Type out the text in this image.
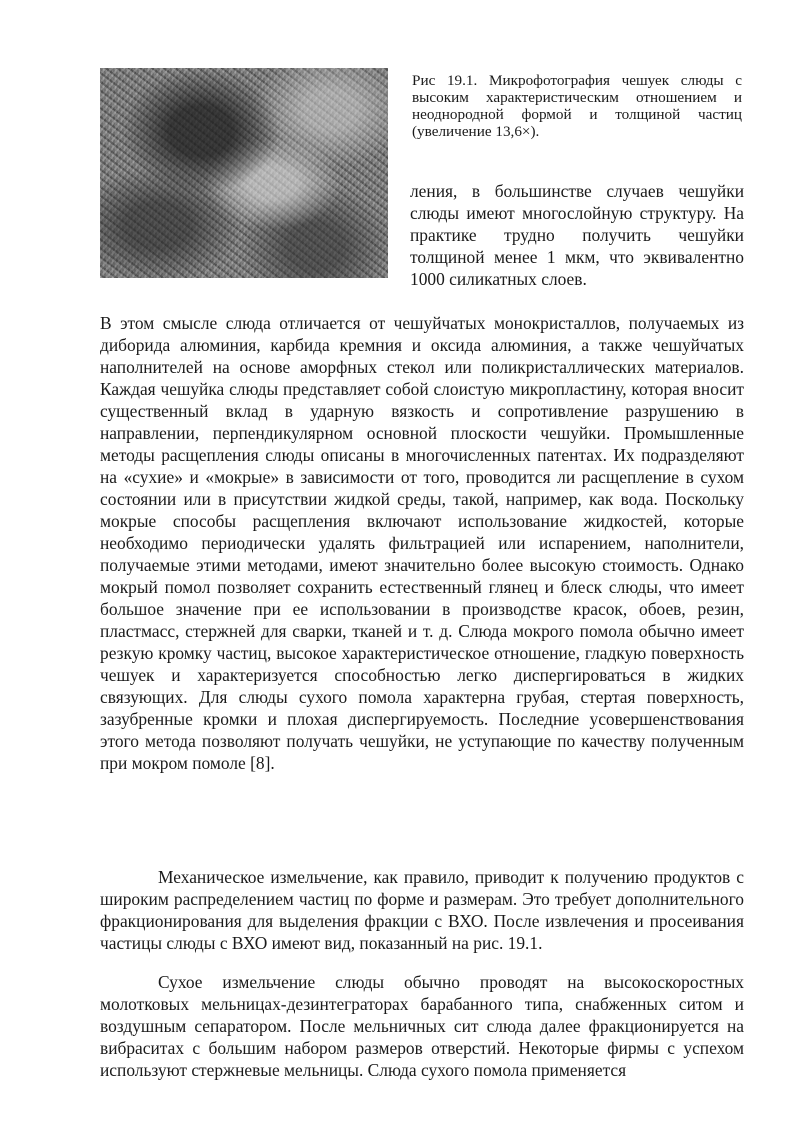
Рис 19.1. Микрофотография чешуек слюды с высоким характеристическим отношением и неоднородной формой и толщиной частиц (увеличение 13,6×).

ления, в большинстве случаев чешуйки слюды имеют многослойную структуру. На практике трудно получить чешуйки толщиной менее 1 мкм, что эквивалентно 1000 силикатных слоев.

В этом смысле слюда отличается от чешуйчатых монокристаллов, получаемых из диборида алюминия, карбида кремния и оксида алюминия, а также чешуйчатых наполнителей на основе аморфных стекол или поликристаллических материалов. Каждая чешуйка слюды представляет собой слоистую микропластину, которая вносит существенный вклад в ударную вязкость и сопротивление разрушению в направлении, перпендикулярном основной плоскости чешуйки. Промышленные методы расщепления слюды описаны в многочисленных патентах. Их подразделяют на «сухие» и «мокрые» в зависимости от того, проводится ли расщепление в сухом состоянии или в присутствии жидкой среды, такой, например, как вода. Поскольку мокрые способы расщепления включают использование жидкостей, которые необходимо периодически удалять фильтрацией или испарением, наполнители, получаемые этими методами, имеют значительно более высокую стоимость. Однако мокрый помол позволяет сохранить естественный глянец и блеск слюды, что имеет большое значение при ее использовании в производстве красок, обоев, резин, пластмасс, стержней для сварки, тканей и т. д. Слюда мокрого помола обычно имеет резкую кромку частиц, высокое характеристическое отношение, гладкую поверхность чешуек и характеризуется способностью легко диспергироваться в жидких связующих. Для слюды сухого помола характерна грубая, стертая поверхность, зазубренные кромки и плохая диспергируемость. Последние усовершенствования этого метода позволяют получать чешуйки, не уступающие по качеству полученным при мокром помоле [8].

Механическое измельчение, как правило, приводит к получению продуктов с широким распределением частиц по форме и размерам. Это требует дополнительного фракционирования для выделения фракции с ВХО. После извлечения и просеивания частицы слюды с ВХО имеют вид, показанный на рис. 19.1.

Сухое измельчение слюды обычно проводят на высокоскоростных молотковых мельницах-дезинтеграторах барабанного типа, снабженных ситом и воздушным сепаратором. После мельничных сит слюда далее фракционируется на вибраситах с большим набором размеров отверстий. Некоторые фирмы с успехом используют стержневые мельницы. Слюда сухого помола применяется
